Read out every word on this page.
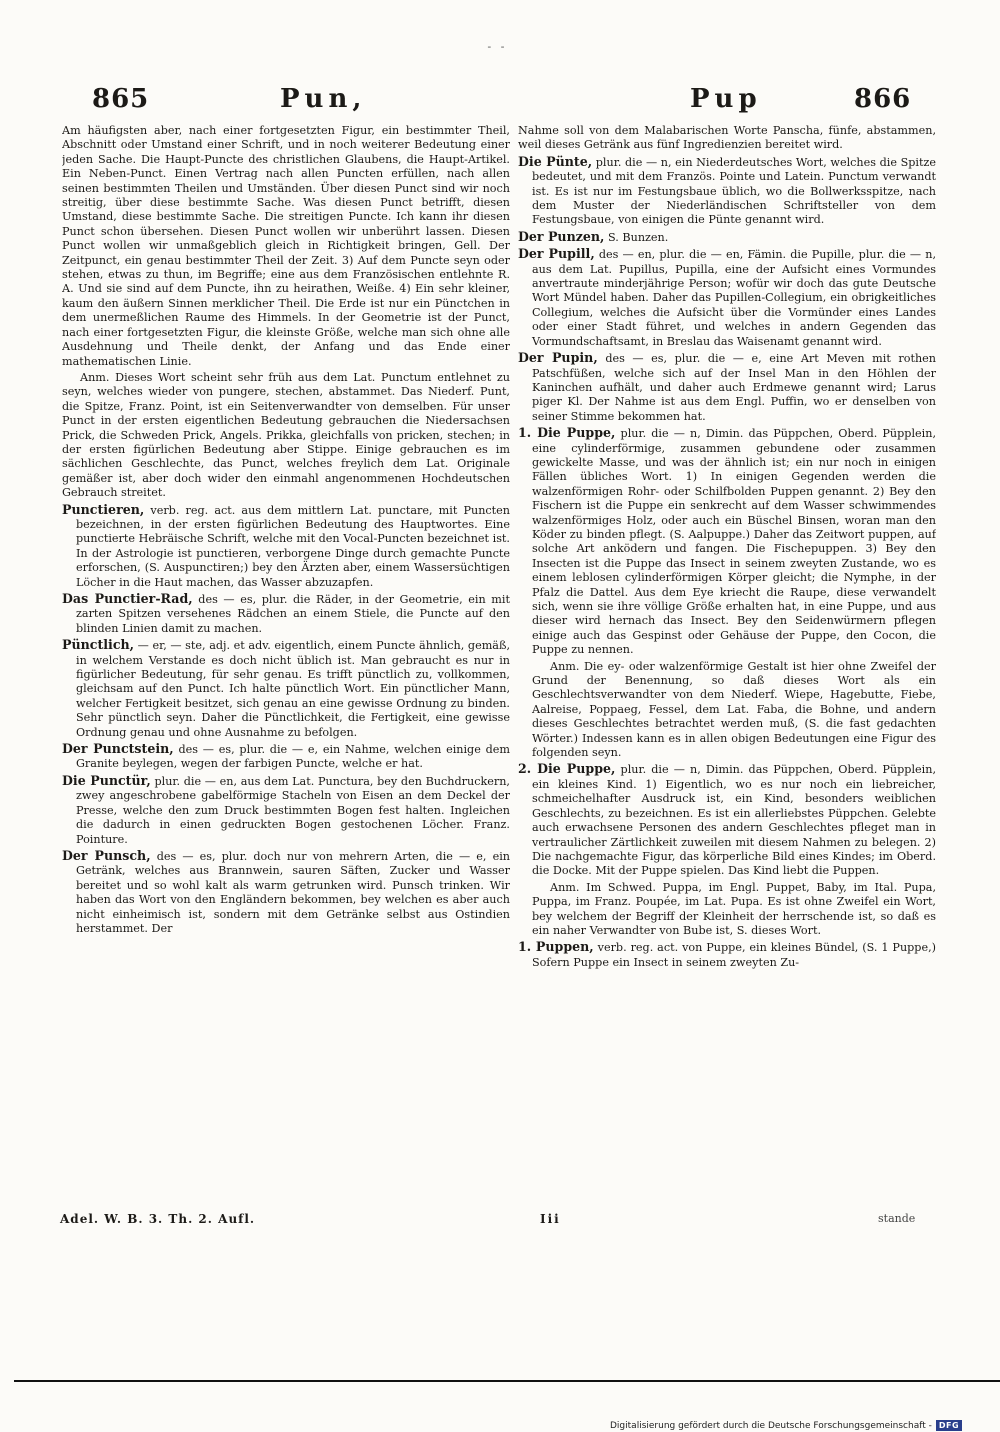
- -
865	Pun,	Pup	866
Am häufigsten aber, nach einer fortgesetzten Figur, ein bestimmter Theil, Abschnitt oder Umstand einer Schrift, und in noch weiterer Bedeutung einer jeden Sache. Die Haupt-Puncte des christlichen Glaubens, die Haupt-Artikel. Ein Neben-Punct. Einen Vertrag nach allen Puncten erfüllen, nach allen seinen bestimmten Theilen und Umständen. Über diesen Punct sind wir noch streitig, über diese bestimmte Sache. Was diesen Punct betrifft, diesen Umstand, diese bestimmte Sache. Die streitigen Puncte. Ich kann ihr diesen Punct schon übersehen. Diesen Punct wollen wir unberührt lassen. Diesen Punct wollen wir unmaßgeblich gleich in Richtigkeit bringen, Gell. Der Zeitpunct, ein genau bestimmter Theil der Zeit. 3) Auf dem Puncte seyn oder stehen, etwas zu thun, im Begriffe; eine aus dem Französischen entlehnte R. A. Und sie sind auf dem Puncte, ihn zu heirathen, Weiße. 4) Ein sehr kleiner, kaum den äußern Sinnen merklicher Theil. Die Erde ist nur ein Pünctchen in dem unermeßlichen Raume des Himmels. In der Geometrie ist der Punct, nach einer fortgesetzten Figur, die kleinste Größe, welche man sich ohne alle Ausdehnung und Theile denkt, der Anfang und das Ende einer mathematischen Linie.
Anm. Dieses Wort scheint sehr früh aus dem Lat. Punctum entlehnet zu seyn, welches wieder von pungere, stechen, abstammet. Das Niederf. Punt, die Spitze, Franz. Point, ist ein Seitenverwandter von demselben. Für unser Punct in der ersten eigentlichen Bedeutung gebrauchen die Niedersachsen Prick, die Schweden Prick, Angels. Prikka, gleichfalls von pricken, stechen; in der ersten figürlichen Bedeutung aber Stippe. Einige gebrauchen es im sächlichen Geschlechte, das Punct, welches freylich dem Lat. Originale gemäßer ist, aber doch wider den einmahl angenommenen Hochdeutschen Gebrauch streitet.
Punctieren, verb. reg. act. aus dem mittlern Lat. punctare, mit Puncten bezeichnen, in der ersten figürlichen Bedeutung des Hauptwortes. Eine punctierte Hebräische Schrift, welche mit den Vocal-Puncten bezeichnet ist. In der Astrologie ist punctieren, verborgene Dinge durch gemachte Puncte erforschen, (S. Auspunctiren;) bey den Ärzten aber, einem Wassersüchtigen Löcher in die Haut machen, das Wasser abzuzapfen.
Das Punctier-Rad, des — es, plur. die Räder, in der Geometrie, ein mit zarten Spitzen versehenes Rädchen an einem Stiele, die Puncte auf den blinden Linien damit zu machen.
Pünctlich, — er, — ste, adj. et adv. eigentlich, einem Puncte ähnlich, gemäß, in welchem Verstande es doch nicht üblich ist. Man gebraucht es nur in figürlicher Bedeutung, für sehr genau. Es trifft pünctlich zu, vollkommen, gleichsam auf den Punct. Ich halte pünctlich Wort. Ein pünctlicher Mann, welcher Fertigkeit besitzet, sich genau an eine gewisse Ordnung zu binden. Sehr pünctlich seyn. Daher die Pünctlichkeit, die Fertigkeit, eine gewisse Ordnung genau und ohne Ausnahme zu befolgen.
Der Punctstein, des — es, plur. die — e, ein Nahme, welchen einige dem Granite beylegen, wegen der farbigen Puncte, welche er hat.
Die Punctür, plur. die — en, aus dem Lat. Punctura, bey den Buchdruckern, zwey angeschrobene gabelförmige Stacheln von Eisen an dem Deckel der Presse, welche den zum Druck bestimmten Bogen fest halten. Ingleichen die dadurch in einen gedruckten Bogen gestochenen Löcher. Franz. Pointure.
Der Punsch, des — es, plur. doch nur von mehrern Arten, die — e, ein Getränk, welches aus Brannwein, sauren Säften, Zucker und Wasser bereitet und so wohl kalt als warm getrunken wird. Punsch trinken. Wir haben das Wort von den Engländern bekommen, bey welchen es aber auch nicht einheimisch ist, sondern mit dem Getränke selbst aus Ostindien herstammet. Der
Nahme soll von dem Malabarischen Worte Panscha, fünfe, abstammen, weil dieses Getränk aus fünf Ingredienzien bereitet wird.
Die Pünte, plur. die — n, ein Niederdeutsches Wort, welches die Spitze bedeutet, und mit dem Französ. Pointe und Latein. Punctum verwandt ist. Es ist nur im Festungsbaue üblich, wo die Bollwerksspitze, nach dem Muster der Niederländischen Schriftsteller von dem Festungsbaue, von einigen die Pünte genannt wird.
Der Punzen, S. Bunzen.
Der Pupill, des — en, plur. die — en, Fämin. die Pupille, plur. die — n, aus dem Lat. Pupillus, Pupilla, eine der Aufsicht eines Vormundes anvertraute minderjährige Person; wofür wir doch das gute Deutsche Wort Mündel haben. Daher das Pupillen-Collegium, ein obrigkeitliches Collegium, welches die Aufsicht über die Vormünder eines Landes oder einer Stadt führet, und welches in andern Gegenden das Vormundschaftsamt, in Breslau das Waisenamt genannt wird.
Der Pupin, des — es, plur. die — e, eine Art Meven mit rothen Patschfüßen, welche sich auf der Insel Man in den Höhlen der Kaninchen aufhält, und daher auch Erdmewe genannt wird; Larus piger Kl. Der Nahme ist aus dem Engl. Puffin, wo er denselben von seiner Stimme bekommen hat.
1. Die Puppe, plur. die — n, Dimin. das Püppchen, Oberd. Püpplein, eine cylinderförmige, zusammen gebundene oder zusammen gewickelte Masse, und was der ähnlich ist; ein nur noch in einigen Fällen übliches Wort. 1) In einigen Gegenden werden die walzenförmigen Rohr- oder Schilfbolden Puppen genannt. 2) Bey den Fischern ist die Puppe ein senkrecht auf dem Wasser schwimmendes walzenförmiges Holz, oder auch ein Büschel Binsen, woran man den Köder zu binden pflegt. (S. Aalpuppe.) Daher das Zeitwort puppen, auf solche Art anködern und fangen. Die Fischepuppen. 3) Bey den Insecten ist die Puppe das Insect in seinem zweyten Zustande, wo es einem leblosen cylinderförmigen Körper gleicht; die Nymphe, in der Pfalz die Dattel. Aus dem Eye kriecht die Raupe, diese verwandelt sich, wenn sie ihre völlige Größe erhalten hat, in eine Puppe, und aus dieser wird hernach das Insect. Bey den Seidenwürmern pflegen einige auch das Gespinst oder Gehäuse der Puppe, den Cocon, die Puppe zu nennen.
Anm. Die ey- oder walzenförmige Gestalt ist hier ohne Zweifel der Grund der Benennung, so daß dieses Wort als ein Geschlechtsverwandter von dem Niederf. Wiepe, Hagebutte, Fiebe, Aalreise, Poppaeg, Fessel, dem Lat. Faba, die Bohne, und andern dieses Geschlechtes betrachtet werden muß, (S. die fast gedachten Wörter.) Indessen kann es in allen obigen Bedeutungen eine Figur des folgenden seyn.
2. Die Puppe, plur. die — n, Dimin. das Püppchen, Oberd. Püpplein, ein kleines Kind. 1) Eigentlich, wo es nur noch ein liebreicher, schmeichelhafter Ausdruck ist, ein Kind, besonders weiblichen Geschlechts, zu bezeichnen. Es ist ein allerliebstes Püppchen. Gelebte auch erwachsene Personen des andern Geschlechtes pfleget man in vertraulicher Zärtlichkeit zuweilen mit diesem Nahmen zu belegen. 2) Die nachgemachte Figur, das körperliche Bild eines Kindes; im Oberd. die Docke. Mit der Puppe spielen. Das Kind liebt die Puppen.
Anm. Im Schwed. Puppa, im Engl. Puppet, Baby, im Ital. Pupa, Puppa, im Franz. Poupée, im Lat. Pupa. Es ist ohne Zweifel ein Wort, bey welchem der Begriff der Kleinheit der herrschende ist, so daß es ein naher Verwandter von Bube ist, S. dieses Wort.
1. Puppen, verb. reg. act. von Puppe, ein kleines Bündel, (S. 1 Puppe,) Sofern Puppe ein Insect in seinem zweyten Zu-
Adel. W. B. 3. Th. 2. Aufl.	Iii	stande
Digitalisierung gefördert durch die Deutsche Forschungsgemeinschaft - DFG
